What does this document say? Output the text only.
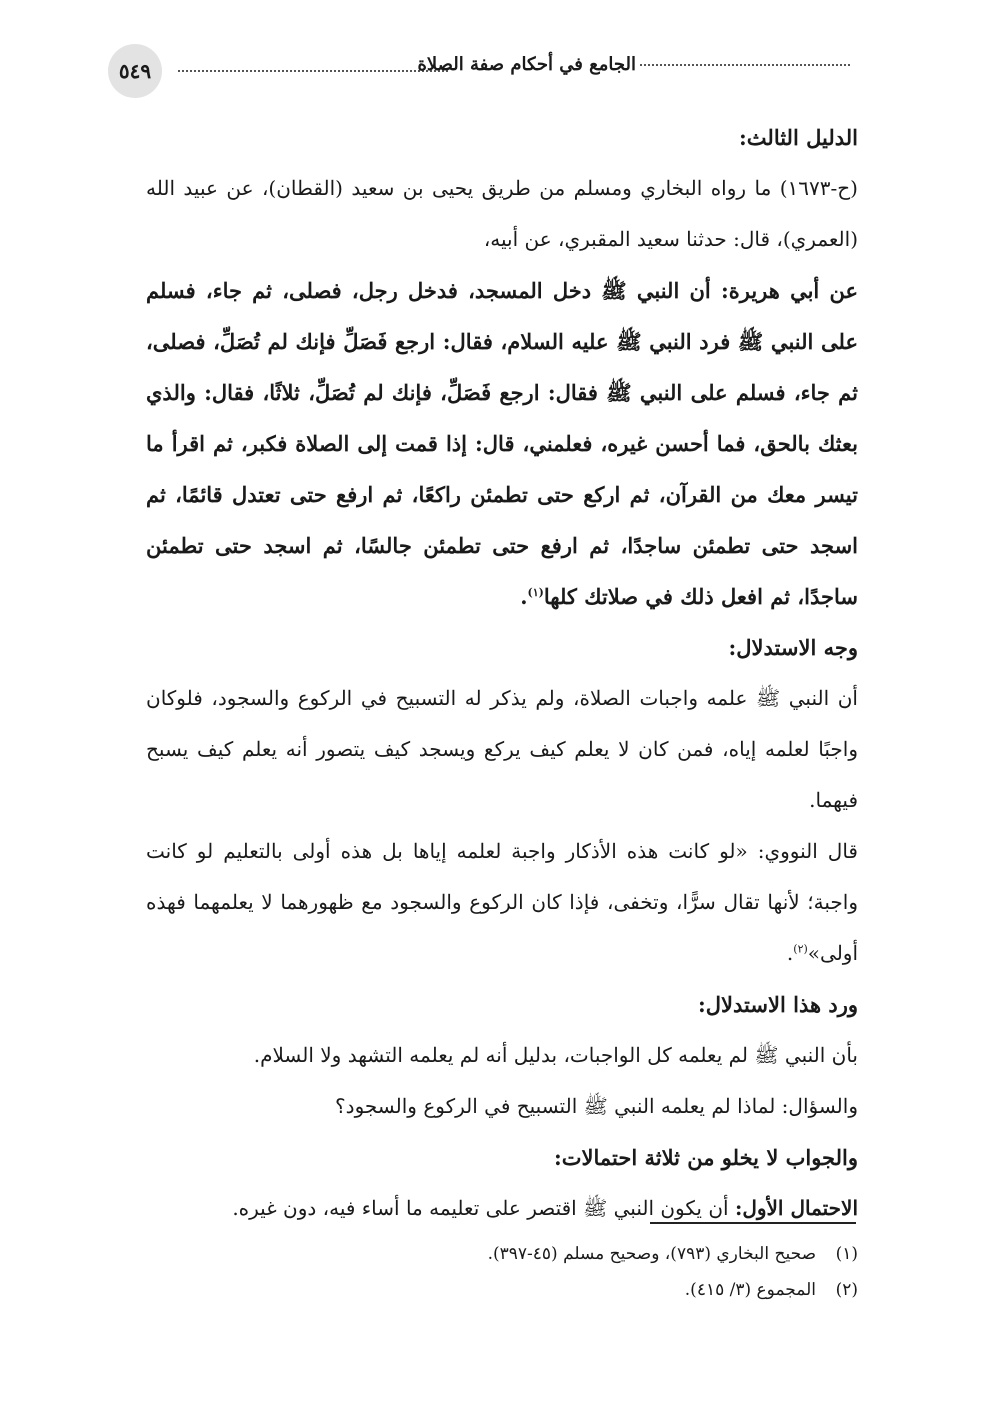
٥٤٩	الجامع في أحكام صفة الصلاة

الدليل الثالث:

(ح-١٦٧٣) ما رواه البخاري ومسلم من طريق يحيى بن سعيد (القطان)، عن عبيد الله (العمري)، قال: حدثنا سعيد المقبري، عن أبيه،

عن أبي هريرة: أن النبي ﷺ دخل المسجد، فدخل رجل، فصلى، ثم جاء، فسلم على النبي ﷺ فرد النبي ﷺ عليه السلام، فقال: ارجع فَصَلِّ فإنك لم تُصَلِّ، فصلى، ثم جاء، فسلم على النبي ﷺ فقال: ارجع فَصَلِّ، فإنك لم تُصَلِّ، ثلاثًا، فقال: والذي بعثك بالحق، فما أحسن غيره، فعلمني، قال: إذا قمت إلى الصلاة فكبر، ثم اقرأ ما تيسر معك من القرآن، ثم اركع حتى تطمئن راكعًا، ثم ارفع حتى تعتدل قائمًا، ثم اسجد حتى تطمئن ساجدًا، ثم ارفع حتى تطمئن جالسًا، ثم اسجد حتى تطمئن ساجدًا، ثم افعل ذلك في صلاتك كلها$^{(١)}$.

وجه الاستدلال:

أن النبي ﷺ علمه واجبات الصلاة، ولم يذكر له التسبيح في الركوع والسجود، فلوكان واجبًا لعلمه إياه، فمن كان لا يعلم كيف يركع ويسجد كيف يتصور أنه يعلم كيف يسبح فيهما.

قال النووي: «لو كانت هذه الأذكار واجبة لعلمه إياها بل هذه أولى بالتعليم لو كانت واجبة؛ لأنها تقال سرًّا، وتخفى، فإذا كان الركوع والسجود مع ظهورهما لا يعلمهما فهذه أولى»$^{(٢)}$.

ورد هذا الاستدلال:

بأن النبي ﷺ لم يعلمه كل الواجبات، بدليل أنه لم يعلمه التشهد ولا السلام.

والسؤال: لماذا لم يعلمه النبي ﷺ التسبيح في الركوع والسجود؟

والجواب لا يخلو من ثلاثة احتمالات:

الاحتمال الأول: أن يكون النبي ﷺ اقتصر على تعليمه ما أساء فيه، دون غيره.

(١)صحيح البخاري (٧٩٣)، وصحيح مسلم (٤٥-٣٩٧).

(٢)المجموع (٣/ ٤١٥).
